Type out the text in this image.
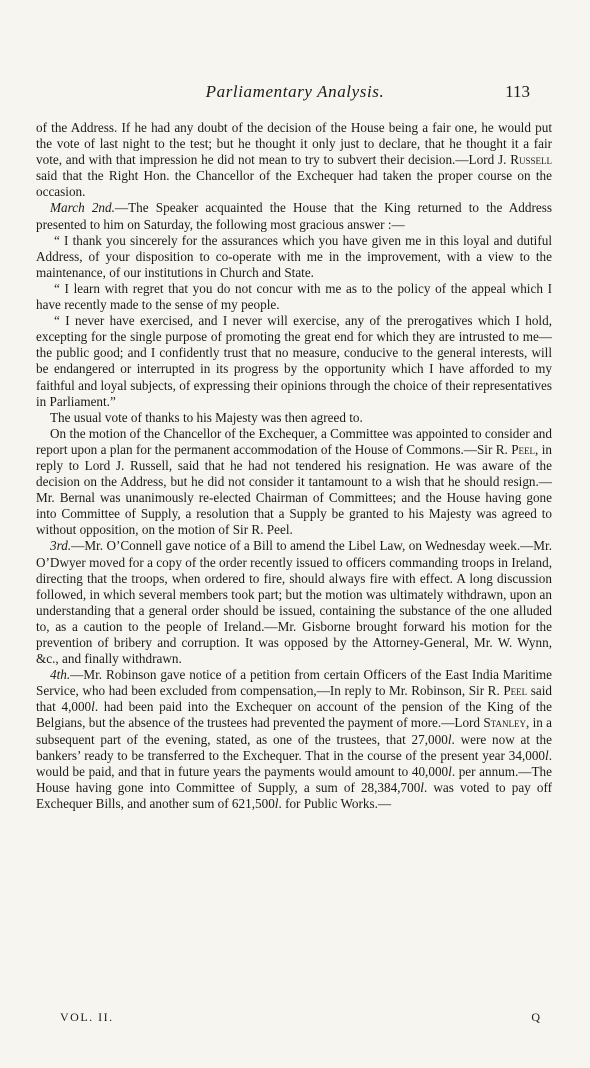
Parliamentary Analysis.	113

of the Address. If he had any doubt of the decision of the House being a fair one, he would put the vote of last night to the test; but he thought it only just to declare, that he thought it a fair vote, and with that impression he did not mean to try to subvert their decision.—Lord J. Russell said that the Right Hon. the Chancellor of the Exchequer had taken the proper course on the occasion.

March 2nd.—The Speaker acquainted the House that the King returned to the Address presented to him on Saturday, the following most gracious answer :—

“ I thank you sincerely for the assurances which you have given me in this loyal and dutiful Address, of your disposition to co-operate with me in the improvement, with a view to the maintenance, of our institutions in Church and State.

“ I learn with regret that you do not concur with me as to the policy of the appeal which I have recently made to the sense of my people.

“ I never have exercised, and I never will exercise, any of the prerogatives which I hold, excepting for the single purpose of promoting the great end for which they are intrusted to me—the public good; and I confidently trust that no measure, conducive to the general interests, will be endangered or interrupted in its progress by the opportunity which I have afforded to my faithful and loyal subjects, of expressing their opinions through the choice of their representatives in Parliament.”

The usual vote of thanks to his Majesty was then agreed to.

On the motion of the Chancellor of the Exchequer, a Committee was appointed to consider and report upon a plan for the permanent accommodation of the House of Commons.—Sir R. Peel, in reply to Lord J. Russell, said that he had not tendered his resignation. He was aware of the decision on the Address, but he did not consider it tantamount to a wish that he should resign.—Mr. Bernal was unanimously re-elected Chairman of Committees; and the House having gone into Committee of Supply, a resolution that a Supply be granted to his Majesty was agreed to without opposition, on the motion of Sir R. Peel.

3rd.—Mr. O’Connell gave notice of a Bill to amend the Libel Law, on Wednesday week.—Mr. O’Dwyer moved for a copy of the order recently issued to officers commanding troops in Ireland, directing that the troops, when ordered to fire, should always fire with effect. A long discussion followed, in which several members took part; but the motion was ultimately withdrawn, upon an understanding that a general order should be issued, containing the substance of the one alluded to, as a caution to the people of Ireland.—Mr. Gisborne brought forward his motion for the prevention of bribery and corruption. It was opposed by the Attorney-General, Mr. W. Wynn, &c., and finally withdrawn.

4th.—Mr. Robinson gave notice of a petition from certain Officers of the East India Maritime Service, who had been excluded from compensation,—In reply to Mr. Robinson, Sir R. Peel said that 4,000l. had been paid into the Exchequer on account of the pension of the King of the Belgians, but the absence of the trustees had prevented the payment of more.—Lord Stanley, in a subsequent part of the evening, stated, as one of the trustees, that 27,000l. were now at the bankers’ ready to be transferred to the Exchequer. That in the course of the present year 34,000l. would be paid, and that in future years the payments would amount to 40,000l. per annum.—The House having gone into Committee of Supply, a sum of 28,384,700l. was voted to pay off Exchequer Bills, and another sum of 621,500l. for Public Works.—

VOL. II.	Q
